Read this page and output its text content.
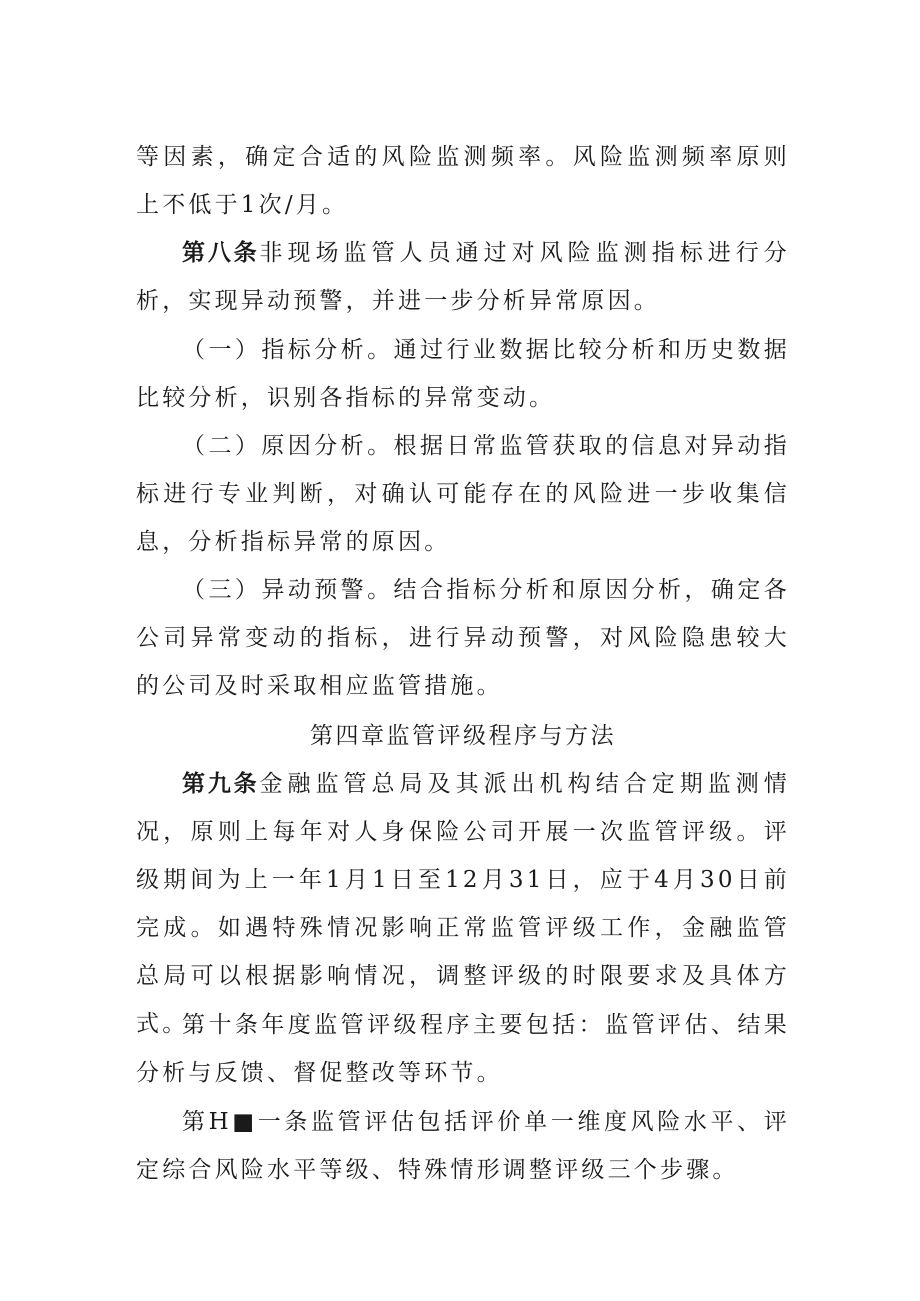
等因素，确定合适的风险监测频率。风险监测频率原则上不低于1次/月。

第八条非现场监管人员通过对风险监测指标进行分析，实现异动预警，并进一步分析异常原因。

（一）指标分析。通过行业数据比较分析和历史数据比较分析，识别各指标的异常变动。

（二）原因分析。根据日常监管获取的信息对异动指标进行专业判断，对确认可能存在的风险进一步收集信息，分析指标异常的原因。

（三）异动预警。结合指标分析和原因分析，确定各公司异常变动的指标，进行异动预警，对风险隐患较大的公司及时采取相应监管措施。

第四章监管评级程序与方法

第九条金融监管总局及其派出机构结合定期监测情况，原则上每年对人身保险公司开展一次监管评级。评级期间为上一年1月1日至12月31日，应于4月30日前完成。如遇特殊情况影响正常监管评级工作，金融监管总局可以根据影响情况，调整评级的时限要求及具体方式。

第十条年度监管评级程序主要包括：监管评估、结果分析与反馈、督促整改等环节。

第H■一条监管评估包括评价单一维度风险水平、评定综合风险水平等级、特殊情形调整评级三个步骤。
